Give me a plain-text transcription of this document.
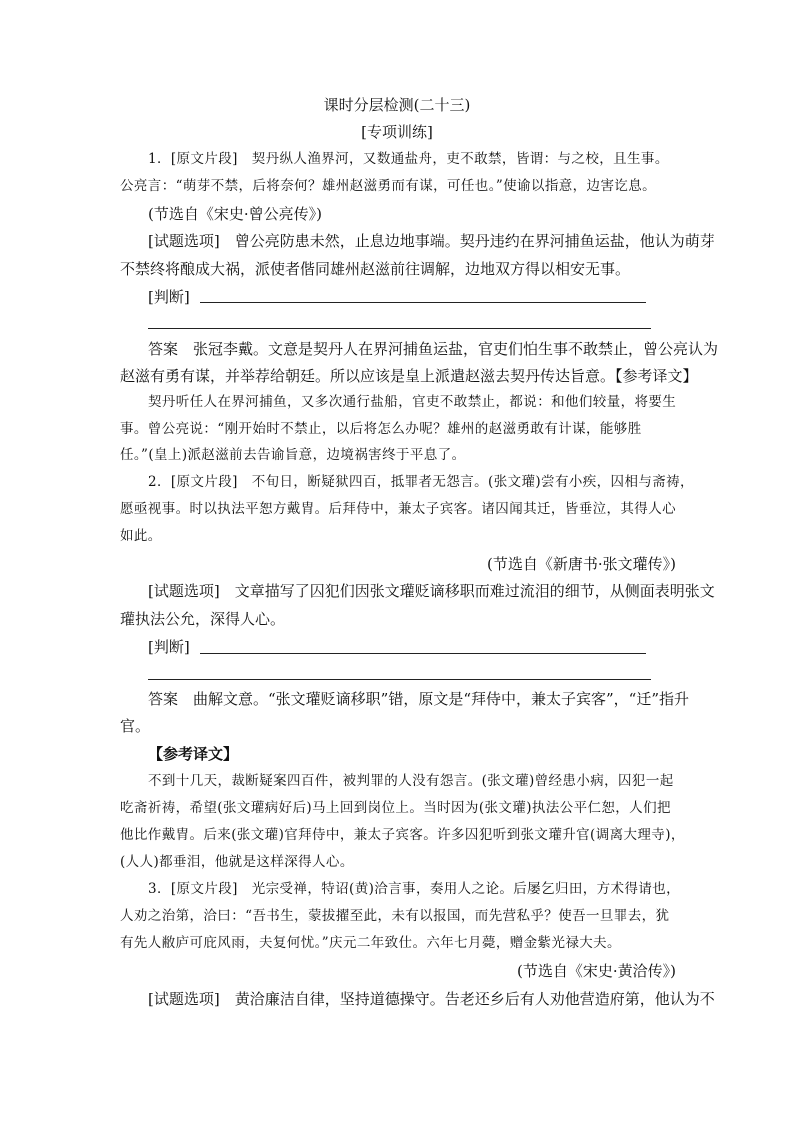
课时分层检测(二十三)
[专项训练]
1．[原文片段]　契丹纵人渔界河，又数通盐舟，吏不敢禁，皆谓：与之校，且生事。
公亮言：“萌芽不禁，后将奈何？雄州赵滋勇而有谋，可任也。”使谕以指意，边害讫息。
(节选自《宋史·曾公亮传》)
[试题选项]　曾公亮防患未然，止息边地事端。契丹违约在界河捕鱼运盐，他认为萌芽
不禁终将酿成大祸，派使者偕同雄州赵滋前往调解，边地双方得以相安无事。
[判断]
答案　张冠李戴。文意是契丹人在界河捕鱼运盐，官吏们怕生事不敢禁止，曾公亮认为
赵滋有勇有谋，并举荐给朝廷。所以应该是皇上派遣赵滋去契丹传达旨意。【参考译文】
契丹听任人在界河捕鱼，又多次通行盐船，官吏不敢禁止，都说：和他们较量，将要生
事。曾公亮说：“刚开始时不禁止，以后将怎么办呢？雄州的赵滋勇敢有计谋，能够胜
任。”(皇上)派赵滋前去告谕旨意，边境祸害终于平息了。
2．[原文片段]　不旬日，断疑狱四百，抵罪者无怨言。(张文瓘)尝有小疾，囚相与斋祷，
愿亟视事。时以执法平恕方戴胄。后拜侍中，兼太子宾客。诸囚闻其迁，皆垂泣，其得人心
如此。
(节选自《新唐书·张文瓘传》)
[试题选项]　文章描写了囚犯们因张文瓘贬谪移职而难过流泪的细节，从侧面表明张文
瓘执法公允，深得人心。
[判断]
答案　曲解文意。“张文瓘贬谪移职”错，原文是“拜侍中，兼太子宾客”，“迁”指升
官。
【参考译文】
不到十几天，裁断疑案四百件，被判罪的人没有怨言。(张文瓘)曾经患小病，囚犯一起
吃斋祈祷，希望(张文瓘病好后)马上回到岗位上。当时因为(张文瓘)执法公平仁恕，人们把
他比作戴胄。后来(张文瓘)官拜侍中，兼太子宾客。许多囚犯听到张文瓘升官(调离大理寺)，
(人人)都垂泪，他就是这样深得人心。
3．[原文片段]　光宗受禅，特诏(黄)洽言事，奏用人之论。后屡乞归田，方术得请也，
人劝之治第，洽曰：“吾书生，蒙拔擢至此，未有以报国，而先营私乎？使吾一旦罪去，犹
有先人敝庐可庇风雨，夫复何忧。”庆元二年致仕。六年七月薨，赠金紫光禄大夫。
(节选自《宋史·黄洽传》)
[试题选项]　黄洽廉洁自律，坚持道德操守。告老还乡后有人劝他营造府第，他认为不
